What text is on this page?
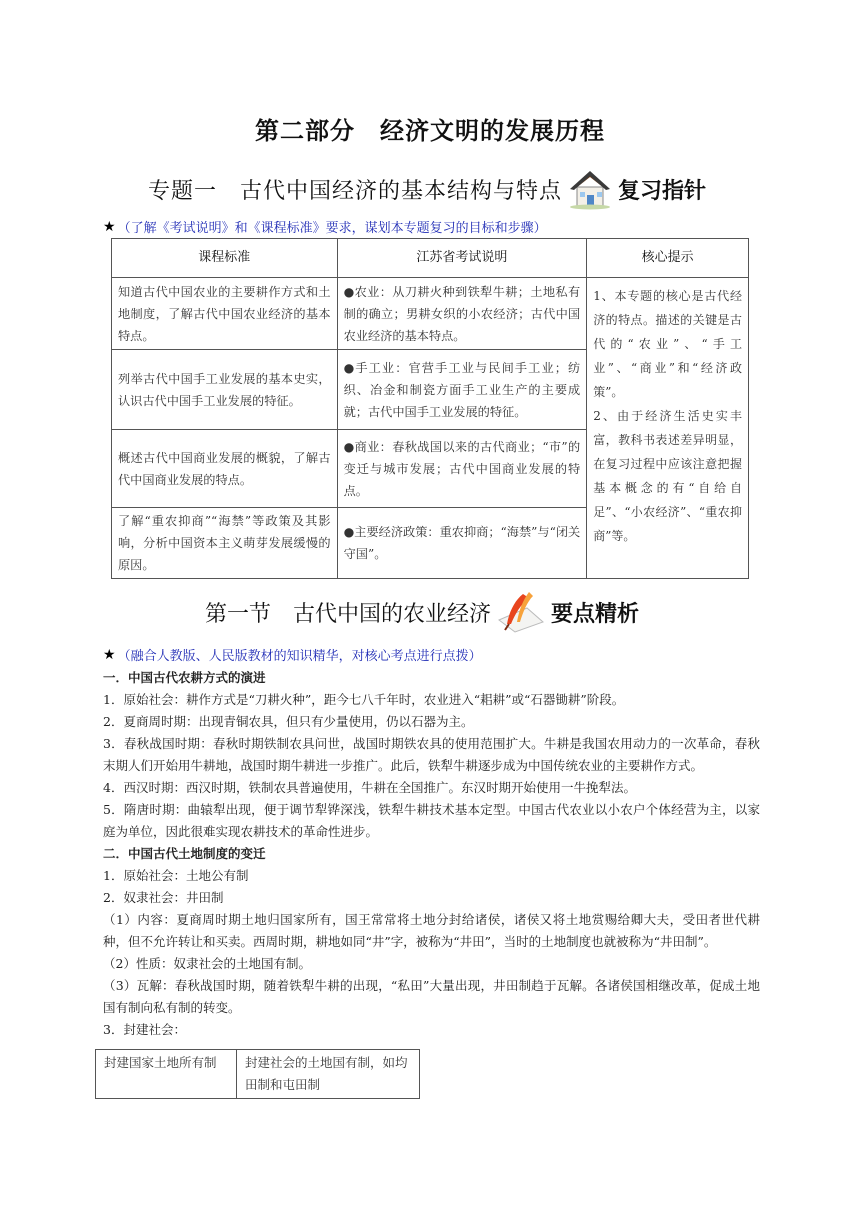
第二部分　经济文明的发展历程
专题一　古代中国经济的基本结构与特点	复习指针
★ （了解《考试说明》和《课程标准》要求，谋划本专题复习的目标和步骤）
课程标准	江苏省考试说明	核心提示
知道古代中国农业的主要耕作方式和土地制度，了解古代中国农业经济的基本特点。	●农业：从刀耕火种到铁犁牛耕；土地私有制的确立；男耕女织的小农经济；古代中国农业经济的基本特点。	1、本专题的核心是古代经济的特点。描述的关键是古代的“农业”、“手工业”、“商业”和“经济政策”。
2、由于经济生活史实丰富，教科书表述差异明显，在复习过程中应该注意把握基本概念的有“自给自足”、“小农经济”、“重农抑商”等。

列举古代中国手工业发展的基本史实，认识古代中国手工业发展的特征。	●手工业：官营手工业与民间手工业；纺织、冶金和制瓷方面手工业生产的主要成就；古代中国手工业发展的特征。	
概述古代中国商业发展的概貌，了解古代中国商业发展的特点。	●商业：春秋战国以来的古代商业；“市”的变迁与城市发展；古代中国商业发展的特点。	
了解“重农抑商”“海禁”等政策及其影响，分析中国资本主义萌芽发展缓慢的原因。	●主要经济政策：重农抑商；“海禁”与“闭关守国”。	
第一节　古代中国的农业经济	要点精析
★ （融合人教版、人民版教材的知识精华，对核心考点进行点拨）
一．中国古代农耕方式的演进

1．原始社会：耕作方式是“刀耕火种”，距今七八千年时，农业进入“耜耕”或“石器锄耕”阶段。

2．夏商周时期：出现青铜农具，但只有少量使用，仍以石器为主。

3．春秋战国时期：春秋时期铁制农具问世，战国时期铁农具的使用范围扩大。牛耕是我国农用动力的一次革命，春秋末期人们开始用牛耕地，战国时期牛耕进一步推广。此后，铁犁牛耕逐步成为中国传统农业的主要耕作方式。

4．西汉时期：西汉时期，铁制农具普遍使用，牛耕在全国推广。东汉时期开始使用一牛挽犁法。

5．隋唐时期：曲辕犁出现，便于调节犁铧深浅，铁犁牛耕技术基本定型。中国古代农业以小农户个体经营为主，以家庭为单位，因此很难实现农耕技术的革命性进步。

二．中国古代土地制度的变迁

1．原始社会：土地公有制

2．奴隶社会：井田制

（1）内容：夏商周时期土地归国家所有，国王常常将土地分封给诸侯，诸侯又将土地赏赐给卿大夫，受田者世代耕种，但不允许转让和买卖。西周时期，耕地如同“井”字，被称为“井田”，当时的土地制度也就被称为“井田制”。

（2）性质：奴隶社会的土地国有制。

（3）瓦解：春秋战国时期，随着铁犁牛耕的出现，“私田”大量出现，井田制趋于瓦解。各诸侯国相继改革，促成土地国有制向私有制的转变。

3．封建社会：

封建国家土地所有制	封建社会的土地国有制，如均田制和屯田制
